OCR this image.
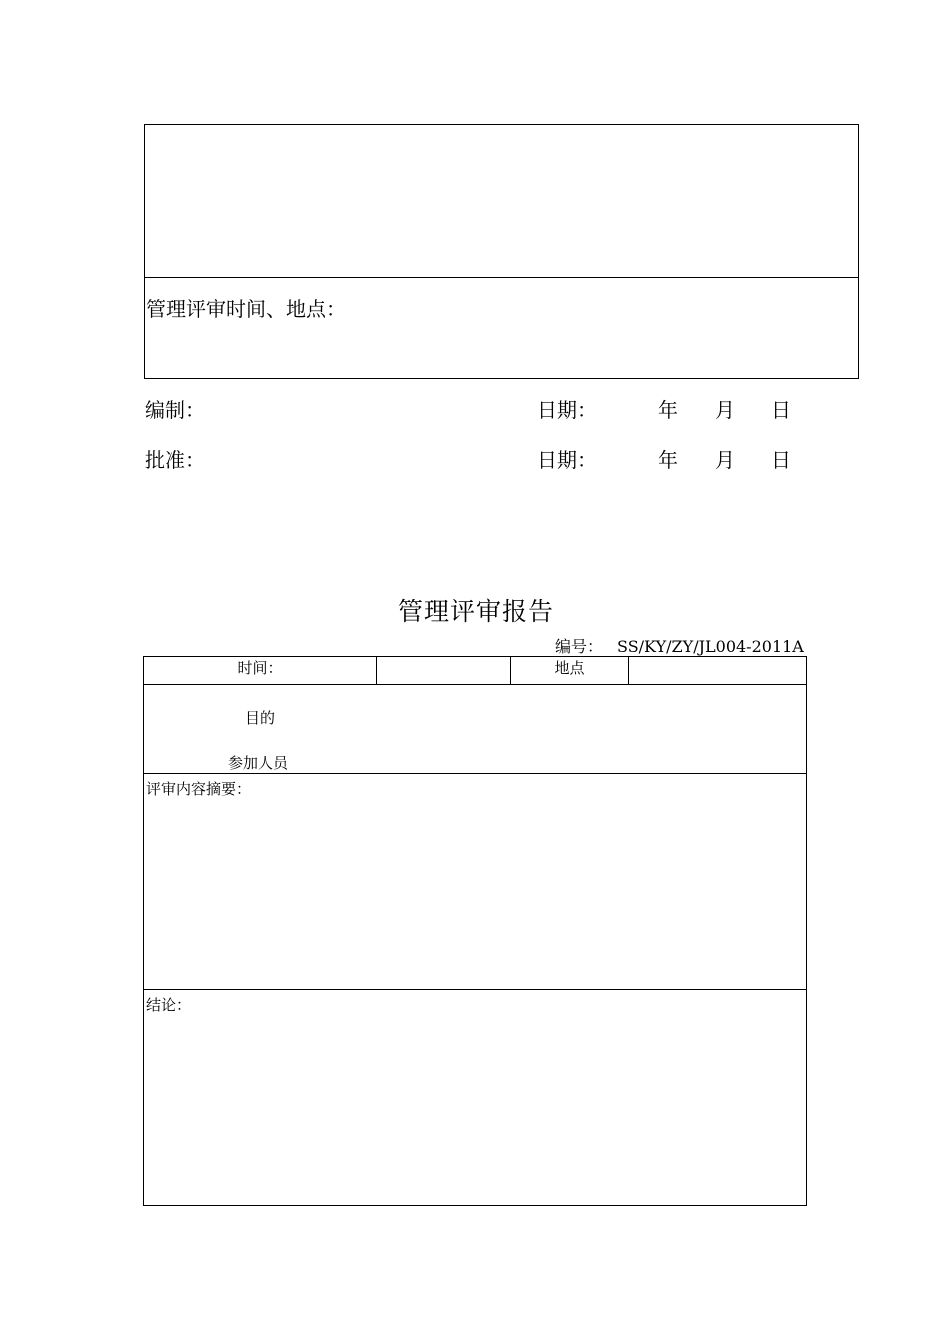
管理评审时间、地点：
编制：	日期：	年 月 日
批准：	日期：	年 月 日
管理评审报告
编号： SS/KY/ZY/JL004-2011A
时间：		地点	

目的
参加人员

评审内容摘要：

结论：
